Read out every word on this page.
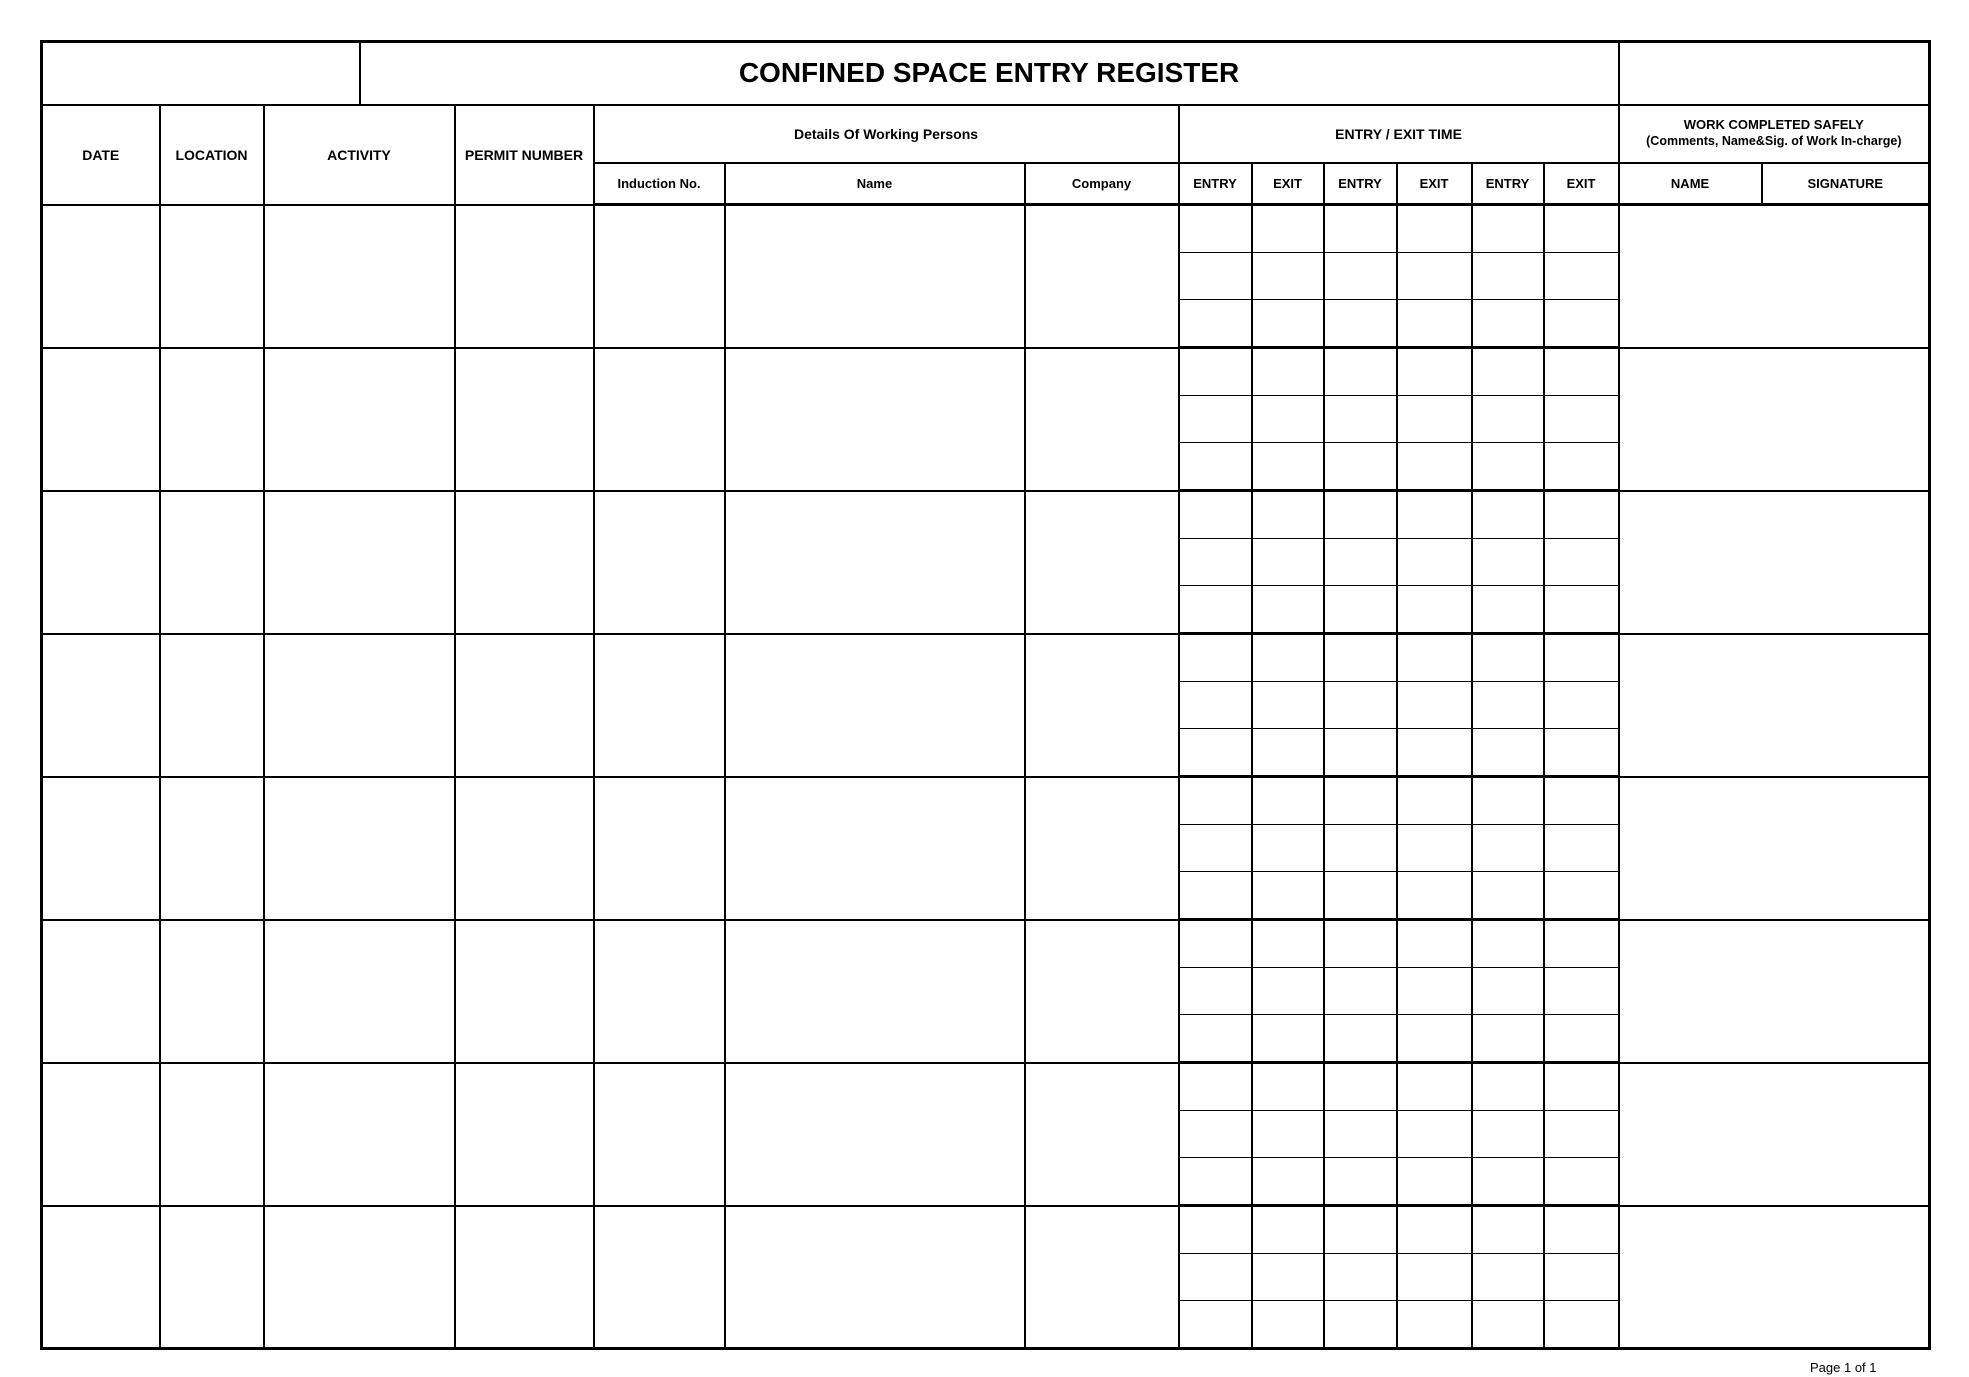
			CONFINED SPACE ENTRY REGISTER												
DATE	LOCATION	ACTIVITY		PERMIT NUMBER	Details Of Working Persons			ENTRY / EXIT TIME						WORK COMPLETED SAFELY
(Comments, Name&Sig. of Work In-charge)	
					Induction No.	Name	Company	ENTRY	EXIT	ENTRY	EXIT	ENTRY	EXIT	NAME	SIGNATURE

Page 1 of 1
